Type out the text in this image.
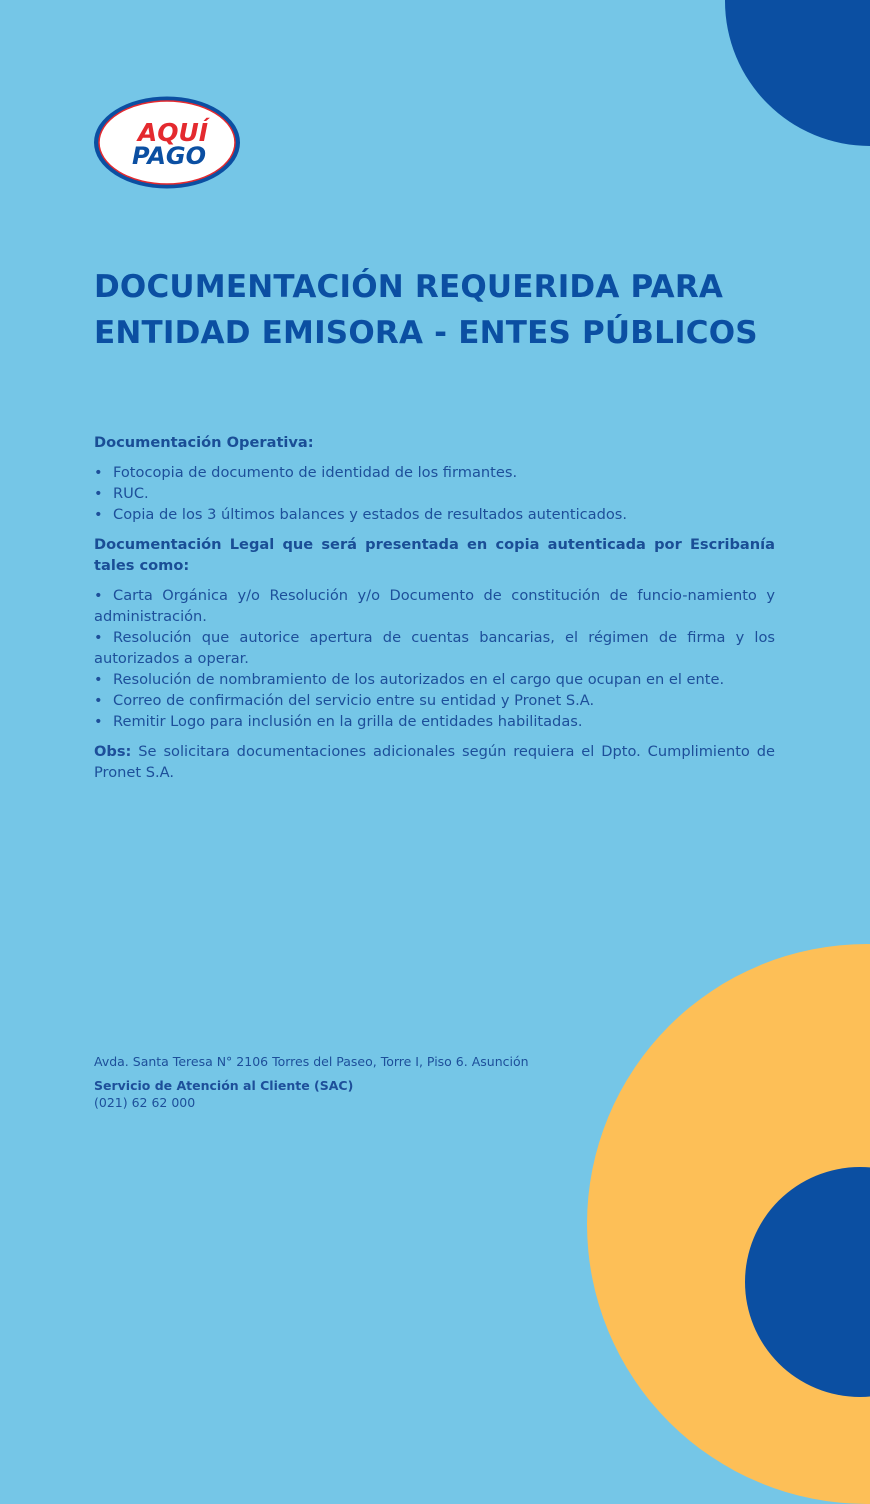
AQUÍ
PAGO
DOCUMENTACIÓN REQUERIDA PARA ENTIDAD EMISORA - ENTES PÚBLICOS
Documentación Operativa:
• Fotocopia de documento de identidad de los firmantes.
• RUC.
• Copia de los 3 últimos balances y estados de resultados autenticados.
Documentación Legal que será presentada en copia autenticada por Escribanía tales como:
• Carta Orgánica y/o Resolución y/o Documento de constitución de funcio-namiento y administración.
• Resolución que autorice apertura de cuentas bancarias, el régimen de firma y los autorizados a operar.
• Resolución de nombramiento de los autorizados en el cargo que ocupan en el ente.
• Correo de confirmación del servicio entre su entidad y Pronet S.A.
• Remitir Logo para inclusión en la grilla de entidades habilitadas.
Obs: Se solicitara documentaciones adicionales según requiera el Dpto. Cumplimiento de Pronet S.A.
Avda. Santa Teresa N° 2106 Torres del Paseo, Torre I, Piso 6. Asunción
Servicio de Atención al Cliente (SAC)
(021) 62 62 000
